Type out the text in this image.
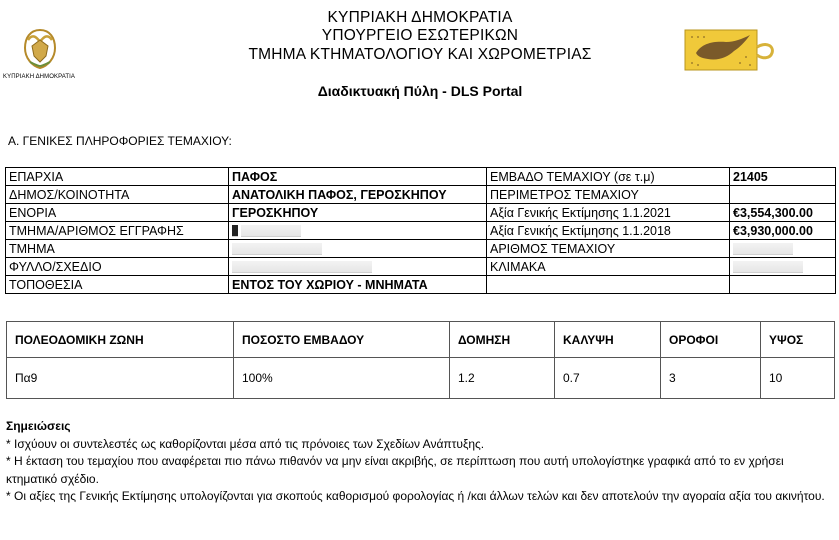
ΚΥΠΡΙΑΚΗ ΔΗΜΟΚΡΑΤΙΑ
ΚΥΠΡΙΑΚΗ ΔΗΜΟΚΡΑΤΙΑ
ΥΠΟΥΡΓΕΙΟ ΕΣΩΤΕΡΙΚΩΝ
ΤΜΗΜΑ ΚΤΗΜΑΤΟΛΟΓΙΟΥ ΚΑΙ ΧΩΡΟΜΕΤΡΙΑΣ
Διαδικτυακή Πύλη - DLS Portal
Α. ΓΕΝΙΚΕΣ ΠΛΗΡΟΦΟΡΙΕΣ ΤΕΜΑΧΙΟΥ:
ΕΠΑΡΧΙΑ	ΠΑΦΟΣ	ΕΜΒΑΔΟ ΤΕΜΑΧΙΟΥ (σε τ.μ)	21405
ΔΗΜΟΣ/ΚΟΙΝΟΤΗΤΑ	ΑΝΑΤΟΛΙΚΗ ΠΑΦΟΣ, ΓΕΡΟΣΚΗΠΟΥ	ΠΕΡΙΜΕΤΡΟΣ ΤΕΜΑΧΙΟΥ	
ΕΝΟΡΙΑ	ΓΕΡΟΣΚΗΠΟΥ	Αξία Γενικής Εκτίμησης 1.1.2021	€3,554,300.00
ΤΜΗΜΑ/ΑΡΙΘΜΟΣ ΕΓΓΡΑΦΗΣ		Αξία Γενικής Εκτίμησης 1.1.2018	€3,930,000.00
ΤΜΗΜΑ		ΑΡΙΘΜΟΣ ΤΕΜΑΧΙΟΥ	
ΦΥΛΛΟ/ΣΧΕΔΙΟ		ΚΛΙΜΑΚΑ	
ΤΟΠΟΘΕΣΙΑ	ΕΝΤΟΣ ΤΟΥ ΧΩΡΙΟΥ - ΜΝΗΜΑΤΑ		
ΠΟΛΕΟΔΟΜΙΚΗ ΖΩΝΗ	ΠΟΣΟΣΤΟ ΕΜΒΑΔΟΥ	ΔΟΜΗΣΗ	ΚΑΛΥΨΗ	ΟΡΟΦΟΙ	ΥΨΟΣ
Πα9	100%	1.2	0.7	3	10
Σημειώσεις
* Ισχύουν οι συντελεστές ως καθορίζονται μέσα από τις πρόνοιες των Σχεδίων Ανάπτυξης.
* Η έκταση του τεμαχίου που αναφέρεται πιο πάνω πιθανόν να μην είναι ακριβής, σε περίπτωση που αυτή υπολογίστηκε γραφικά από το εν χρήσει κτηματικό σχέδιο.
* Οι αξίες της Γενικής Εκτίμησης υπολογίζονται για σκοπούς καθορισμού φορολογίας ή /και άλλων τελών και δεν αποτελούν την αγοραία αξία του ακινήτου.
